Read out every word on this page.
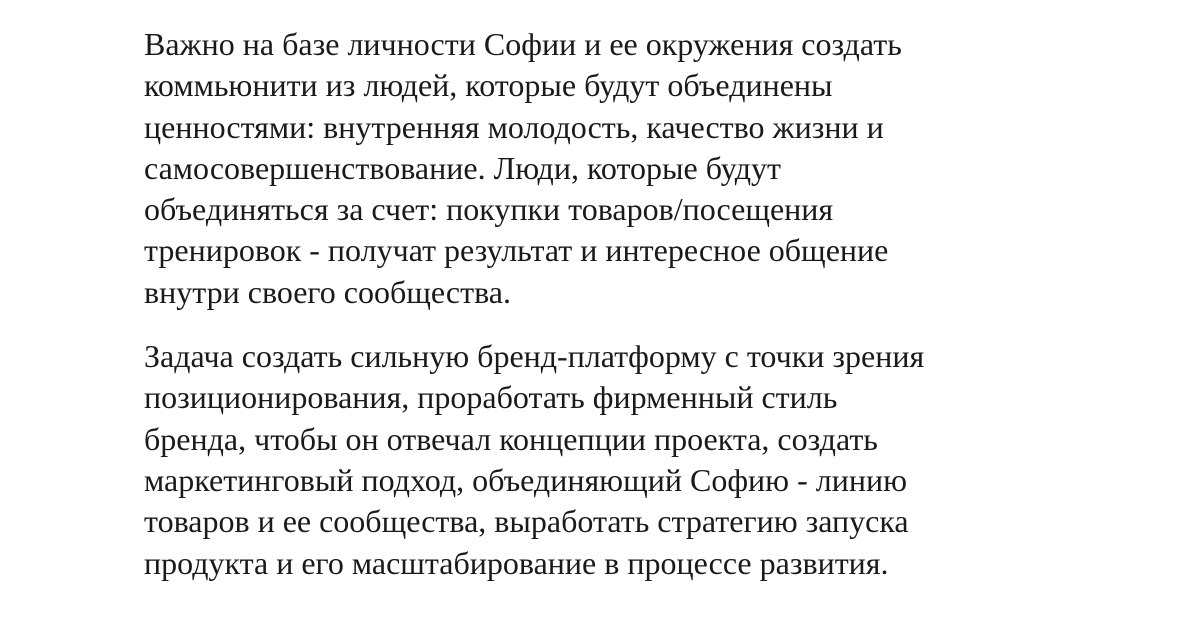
Важно на базе личности Софии и ее окружения создать
коммьюнити из людей, которые будут объединены
ценностями: внутренняя молодость, качество жизни и
самосовершенствование. Люди, которые будут
объединяться за счет: покупки товаров/посещения
тренировок - получат результат и интересное общение
внутри своего сообщества.

Задача создать сильную бренд-платформу с точки зрения
позиционирования, проработать фирменный стиль
бренда, чтобы он отвечал концепции проекта, создать
маркетинговый подход, объединяющий Софию - линию
товаров и ее сообщества, выработать стратегию запуска
продукта и его масштабирование в процессе развития.
